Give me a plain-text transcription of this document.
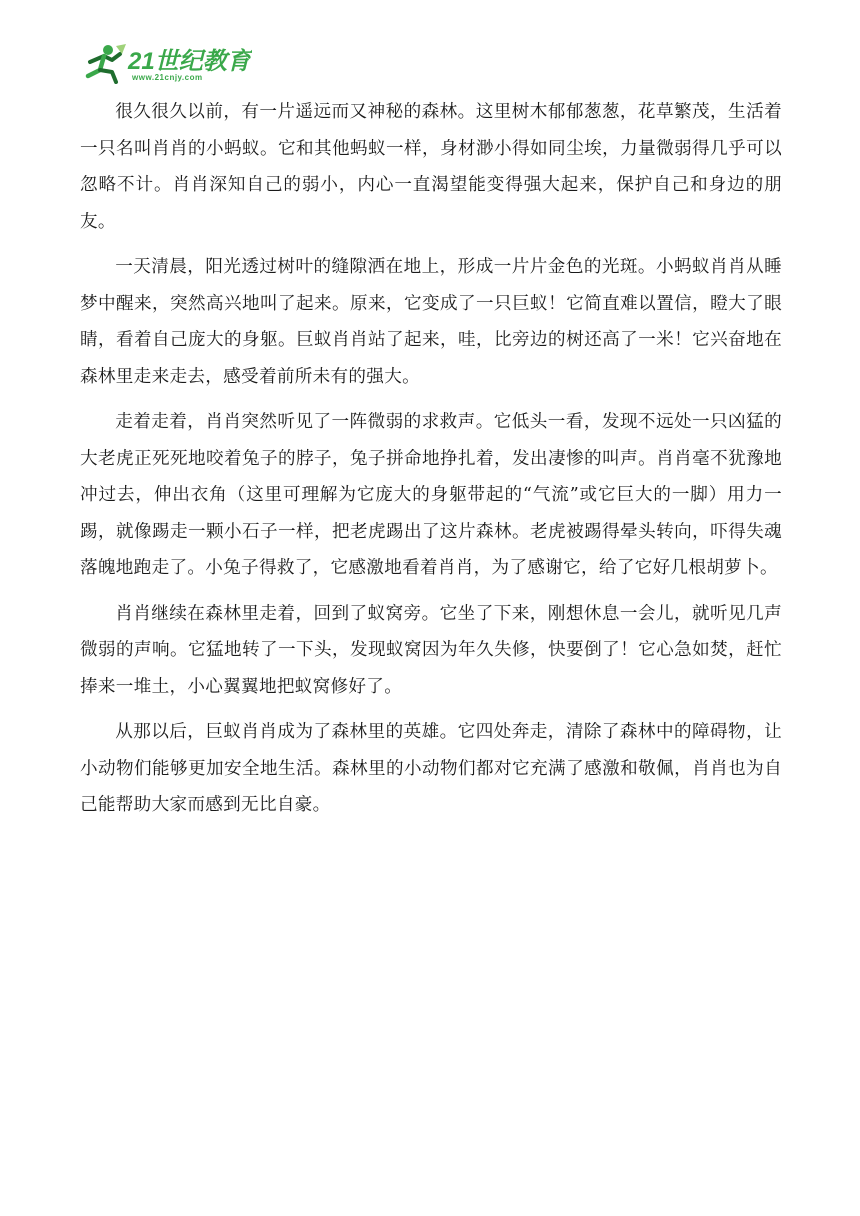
21世纪教育
www.21cnjy.com

很久很久以前，有一片遥远而又神秘的森林。这里树木郁郁葱葱，花草繁茂，生活着一只名叫肖肖的小蚂蚁。它和其他蚂蚁一样，身材渺小得如同尘埃，力量微弱得几乎可以忽略不计。肖肖深知自己的弱小，内心一直渴望能变得强大起来，保护自己和身边的朋友。

一天清晨，阳光透过树叶的缝隙洒在地上，形成一片片金色的光斑。小蚂蚁肖肖从睡梦中醒来，突然高兴地叫了起来。原来，它变成了一只巨蚁！它简直难以置信，瞪大了眼睛，看着自己庞大的身躯。巨蚁肖肖站了起来，哇，比旁边的树还高了一米！它兴奋地在森林里走来走去，感受着前所未有的强大。

走着走着，肖肖突然听见了一阵微弱的求救声。它低头一看，发现不远处一只凶猛的大老虎正死死地咬着兔子的脖子，兔子拼命地挣扎着，发出凄惨的叫声。肖肖毫不犹豫地冲过去，伸出衣角（这里可理解为它庞大的身躯带起的“气流”或它巨大的一脚）用力一踢，就像踢走一颗小石子一样，把老虎踢出了这片森林。老虎被踢得晕头转向，吓得失魂落魄地跑走了。小兔子得救了，它感激地看着肖肖，为了感谢它，给了它好几根胡萝卜。

肖肖继续在森林里走着，回到了蚁窝旁。它坐了下来，刚想休息一会儿，就听见几声微弱的声响。它猛地转了一下头，发现蚁窝因为年久失修，快要倒了！它心急如焚，赶忙捧来一堆土，小心翼翼地把蚁窝修好了。

从那以后，巨蚁肖肖成为了森林里的英雄。它四处奔走，清除了森林中的障碍物，让小动物们能够更加安全地生活。森林里的小动物们都对它充满了感激和敬佩，肖肖也为自己能帮助大家而感到无比自豪。
